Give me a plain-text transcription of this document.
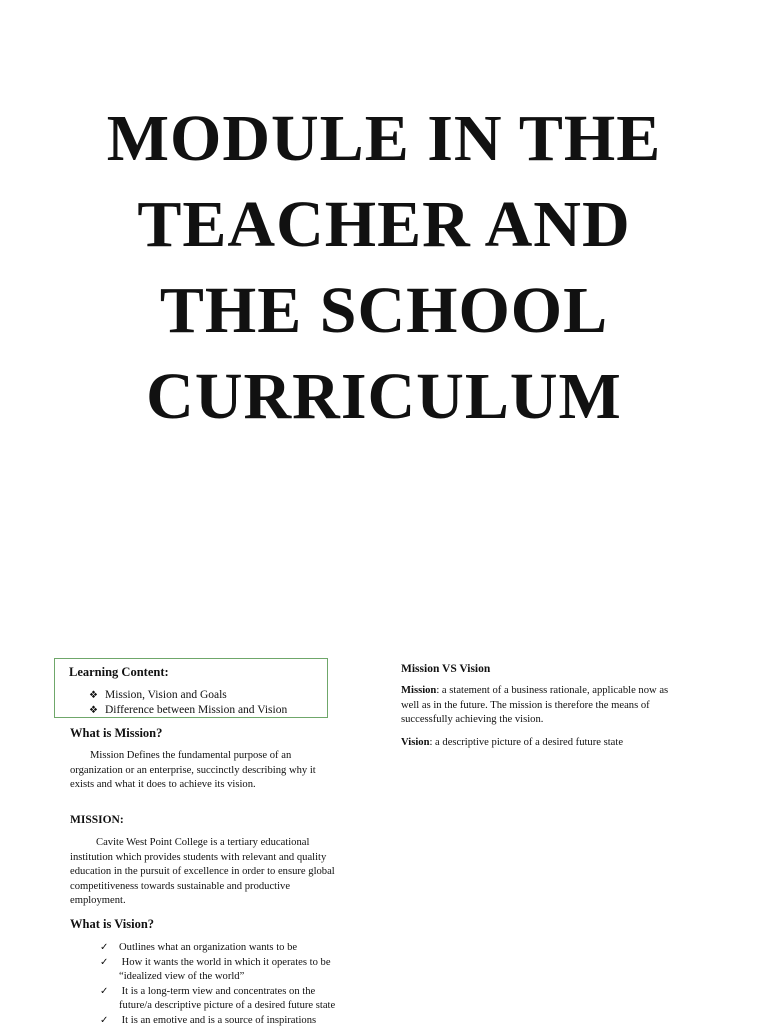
MODULE IN THE
TEACHER AND
THE SCHOOL
CURRICULUM
Learning Content:
❖ Mission, Vision and Goals
❖ Difference between Mission and Vision
What is Mission?
Mission Defines the fundamental purpose of an
organization or an enterprise, succinctly describing why it
exists and what it does to achieve its vision.
MISSION:
Cavite West Point College is a tertiary educational
institution which provides students with relevant and quality
education in the pursuit of excellence in order to ensure global
competitiveness towards sustainable and productive
employment.
What is Vision?
✓ Outlines what an organization wants to be
✓ How it wants the world in which it operates to be
“idealized view of the world”
✓ It is a long-term view and concentrates on the
future/a descriptive picture of a desired future state
✓ It is an emotive and is a source of inspirations
Mission VS Vision
Mission: a statement of a business rationale, applicable now as
well as in the future. The mission is therefore the means of
successfully achieving the vision.
Vision: a descriptive picture of a desired future state
